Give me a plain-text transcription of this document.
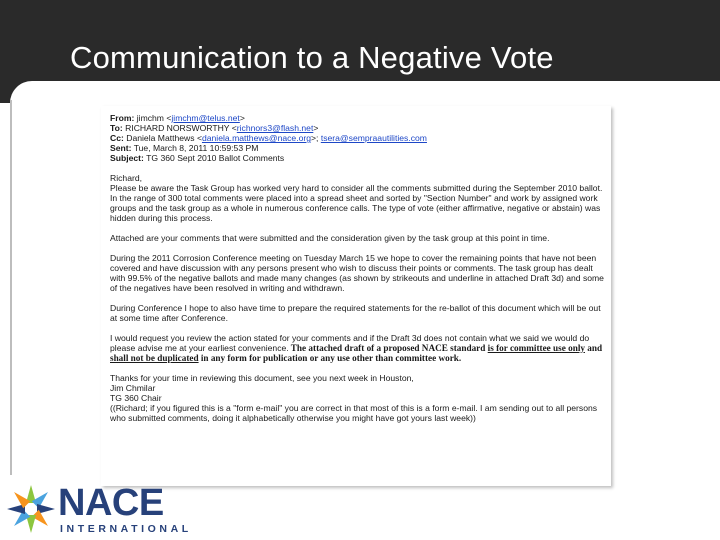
Communication to a Negative Vote
From: jimchm <jimchm@telus.net>
To: RICHARD NORSWORTHY <richnors3@flash.net>
Cc: Daniela Matthews <daniela.matthews@nace.org>; tsera@sempraautilities.com
Sent: Tue, March 8, 2011 10:59:53 PM
Subject: TG 360 Sept 2010 Ballot Comments

Richard,

Please be aware the Task Group has worked very hard to consider all the comments submitted during the September 2010 ballot. In the range of 300 total comments were placed into a spread sheet and sorted by "Section Number" and work by assigned work groups and the task group as a whole in numerous conference calls. The type of vote (either affirmative, negative or abstain) was hidden during this process.

Attached are your comments that were submitted and the consideration given by the task group at this point in time.

During the 2011 Corrosion Conference meeting on Tuesday March 15 we hope to cover the remaining points that have not been covered and have discussion with any persons present who wish to discuss their points or comments. The task group has dealt with 99.5% of the negative ballots and made many changes (as shown by strikeouts and underline in attached Draft 3d) and some of the negatives have been resolved in writing and withdrawn.

During Conference I hope to also have time to prepare the required statements for the re-ballot of this document which will be out at some time after Conference.

I would request you review the action stated for your comments and if the Draft 3d does not contain what we said we would do please advise me at your earliest convenience. The attached draft of a proposed NACE standard is for committee use only and shall not be duplicated in any form for publication or any use other than committee work.

Thanks for your time in reviewing this document, see you next week in Houston,

Jim Chmilar

TG 360 Chair

((Richard; if you figured this is a "form e-mail" you are correct in that most of this is a form e-mail. I am sending out to all persons who submitted comments, doing it alphabetically otherwise you might have got yours last week))

NACE
INTERNATIONAL
